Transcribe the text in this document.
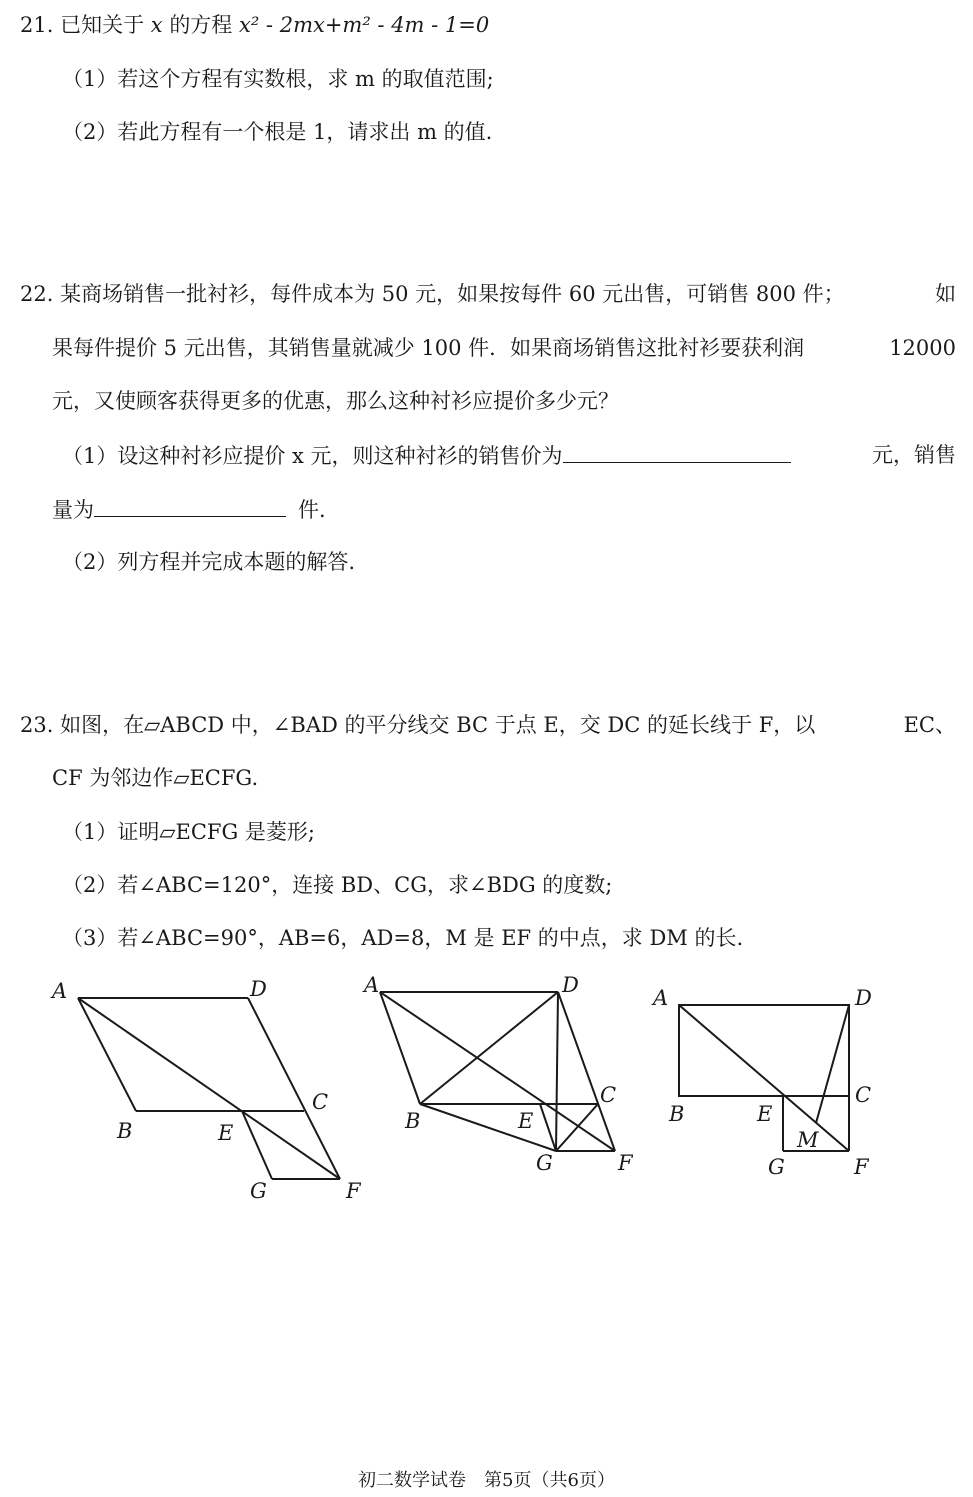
21. 已知关于 x 的方程 x² - 2mx+m² - 4m - 1=0
（1）若这个方程有实数根，求 m 的取值范围;
（2）若此方程有一个根是 1，请求出 m 的值.
22. 某商场销售一批衬衫，每件成本为 50 元，如果按每件 60 元出售，可销售 800 件；	如
果每件提价 5 元出售，其销售量就减少 100 件．如果商场销售这批衬衫要获利润	12000
元，又使顾客获得更多的优惠，那么这种衬衫应提价多少元？
（1）设这种衬衫应提价 x 元，则这种衬衫的销售价为	元，销售
量为	件.
（2）列方程并完成本题的解答.
23. 如图，在▱ABCD 中，∠BAD 的平分线交 BC 于点 E，交 DC 的延长线于 F，以	EC、
CF 为邻边作▱ECFG.
（1）证明▱ECFG 是菱形;
（2）若∠ABC=120°，连接 BD、CG，求∠BDG 的度数;
（3）若∠ABC=90°，AB=6，AD=8，M 是 EF 的中点，求 DM 的长.
A	D
C
B	E
G	F
A	D
C
B	E
G	F
A	D
C
B	E
M
G	F
初二数学试卷　第5页（共6页）
